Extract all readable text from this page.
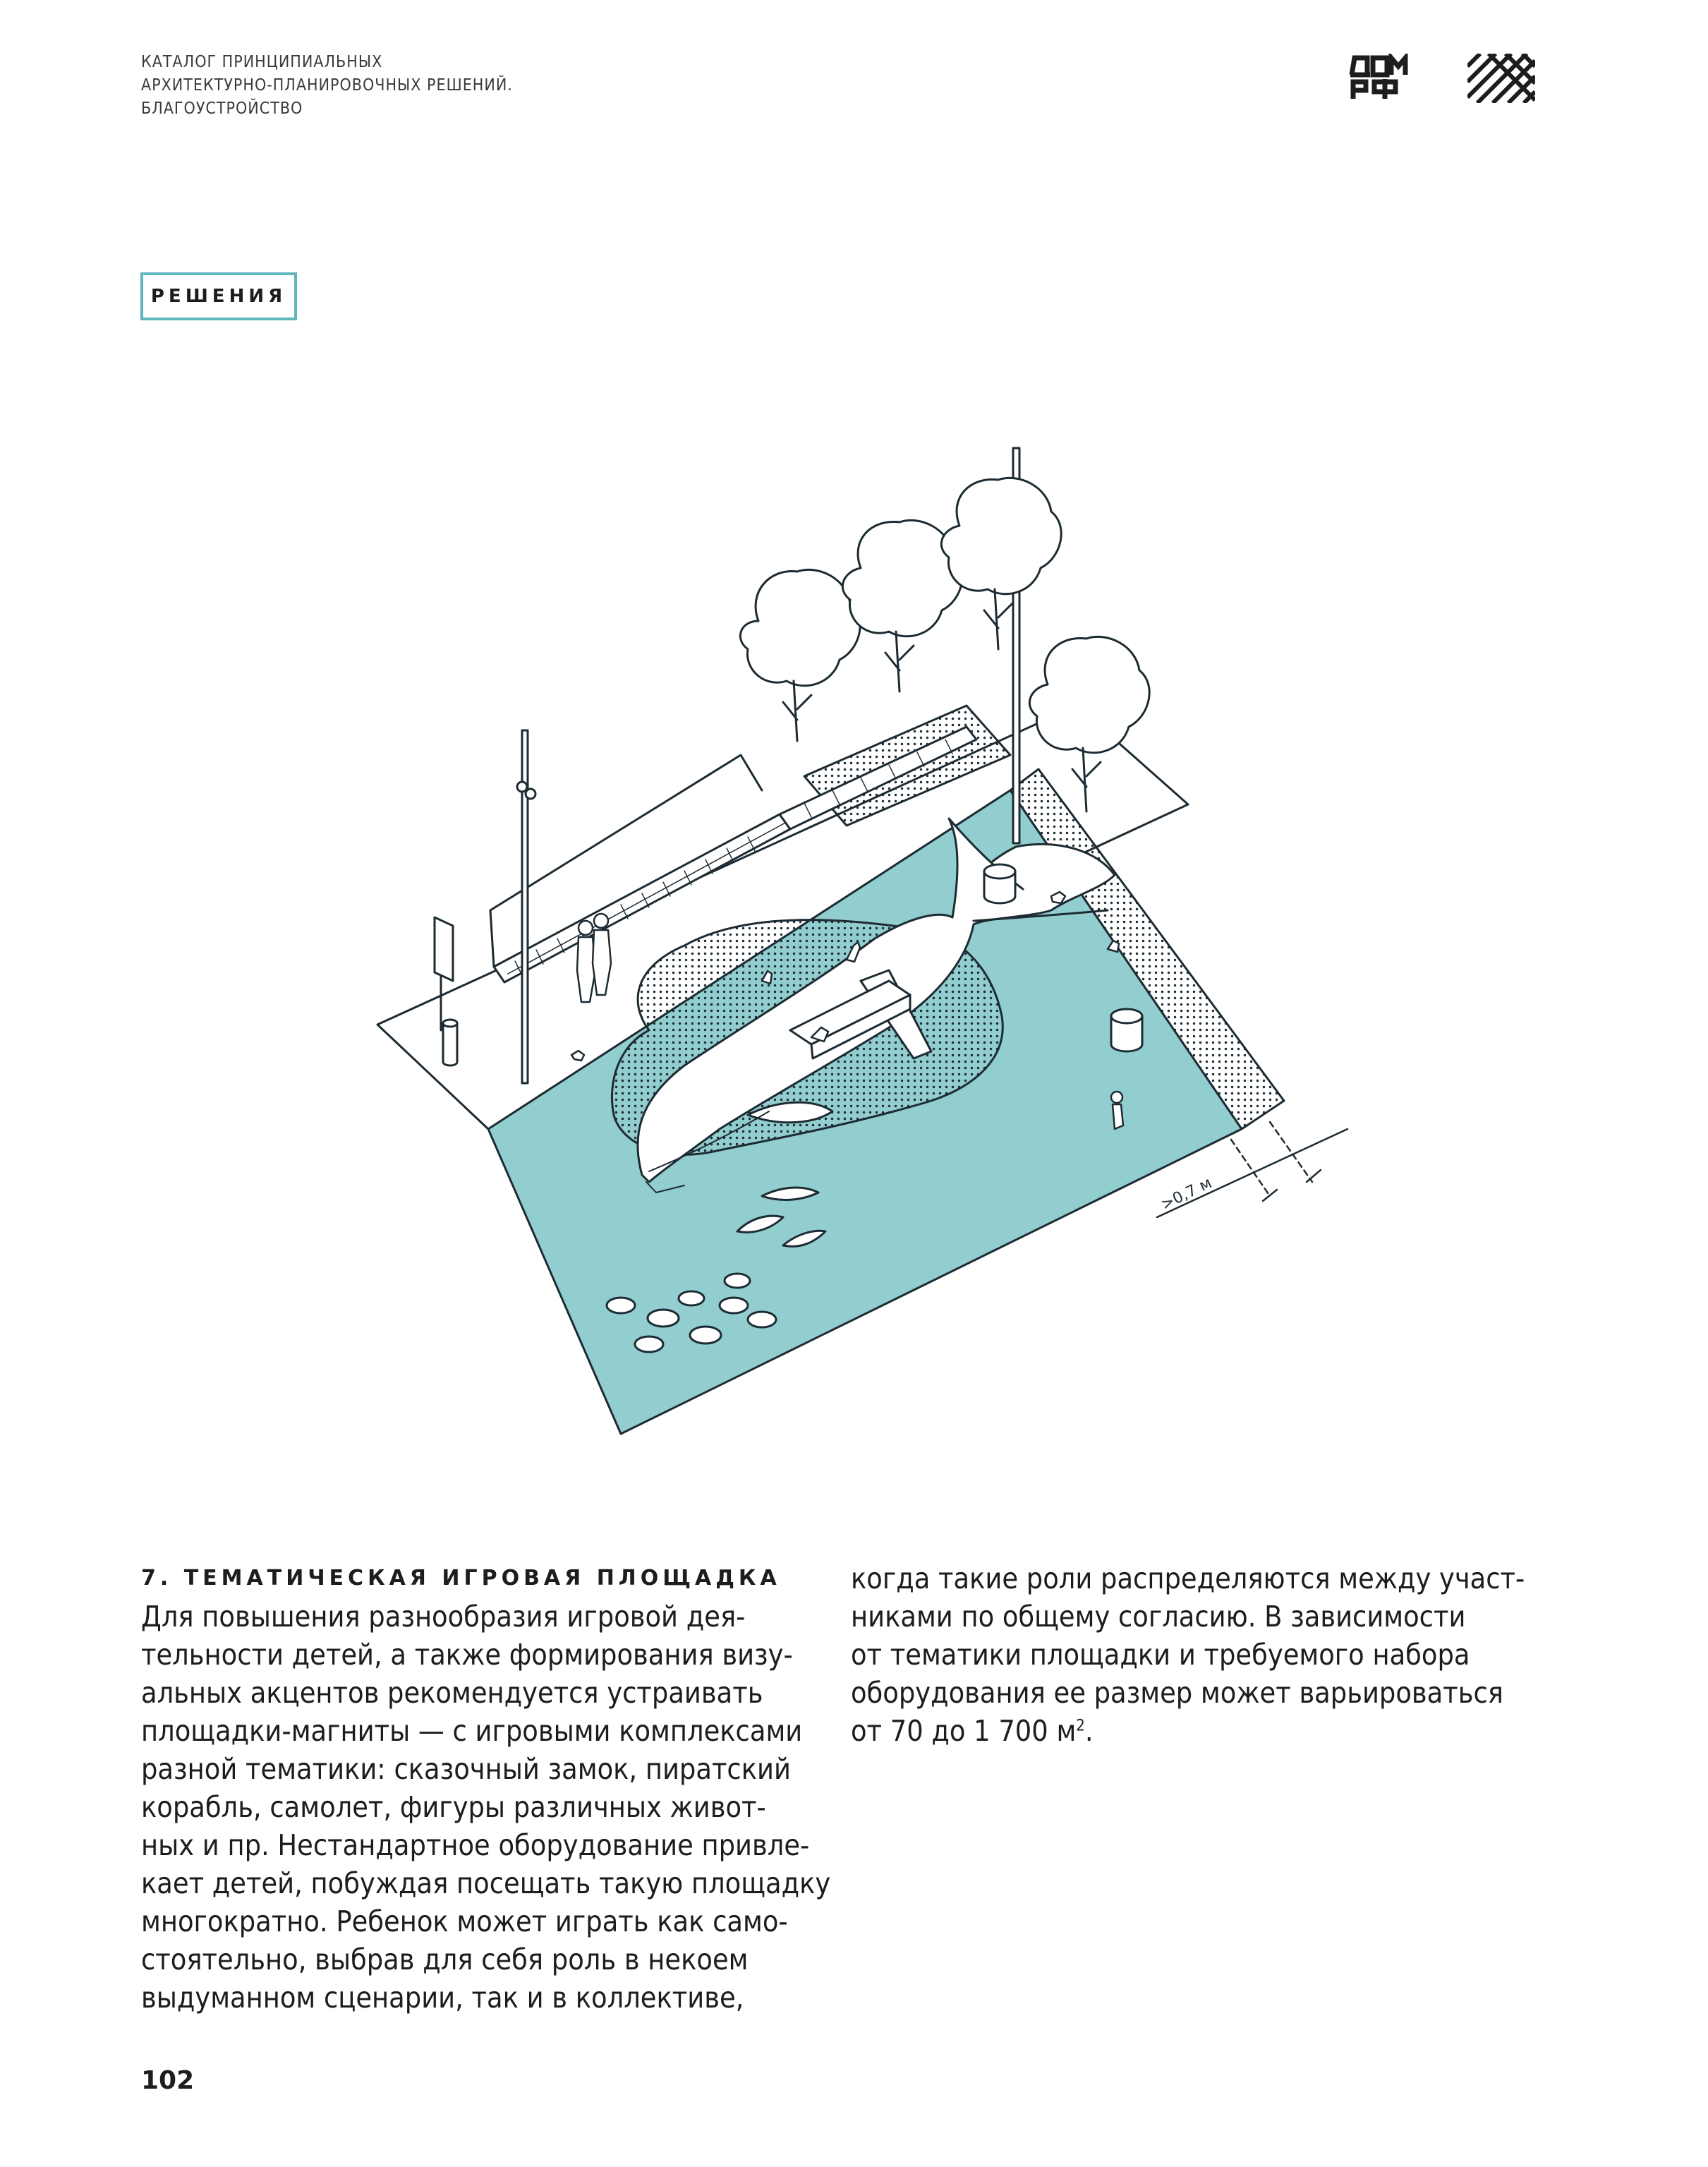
КАТАЛОГ ПРИНЦИПИАЛЬНЫХ
АРХИТЕКТУРНО-ПЛАНИРОВОЧНЫХ РЕШЕНИЙ.
БЛАГОУСТРОЙСТВО
РЕШЕНИЯ
>0,7 м
7. ТЕМАТИЧЕСКАЯ ИГРОВАЯ ПЛОЩАДКА
Для повышения разнообразия игровой дея-
тельности детей, а также формирования визу-
альных акцентов рекомендуется устраивать
площадки-магниты — с игровыми комплексами
разной тематики: сказочный замок, пиратский
корабль, самолет, фигуры различных живот-
ных и пр. Нестандартное оборудование привле-
кает детей, побуждая посещать такую площадку
многократно. Ребенок может играть как само-
стоятельно, выбрав для себя роль в некоем
выдуманном сценарии, так и в коллективе,
когда такие роли распределяются между участ-
никами по общему согласию. В зависимости
от тематики площадки и требуемого набора
оборудования ее размер может варьироваться
от 70 до 1 700 $м^2$.
102
